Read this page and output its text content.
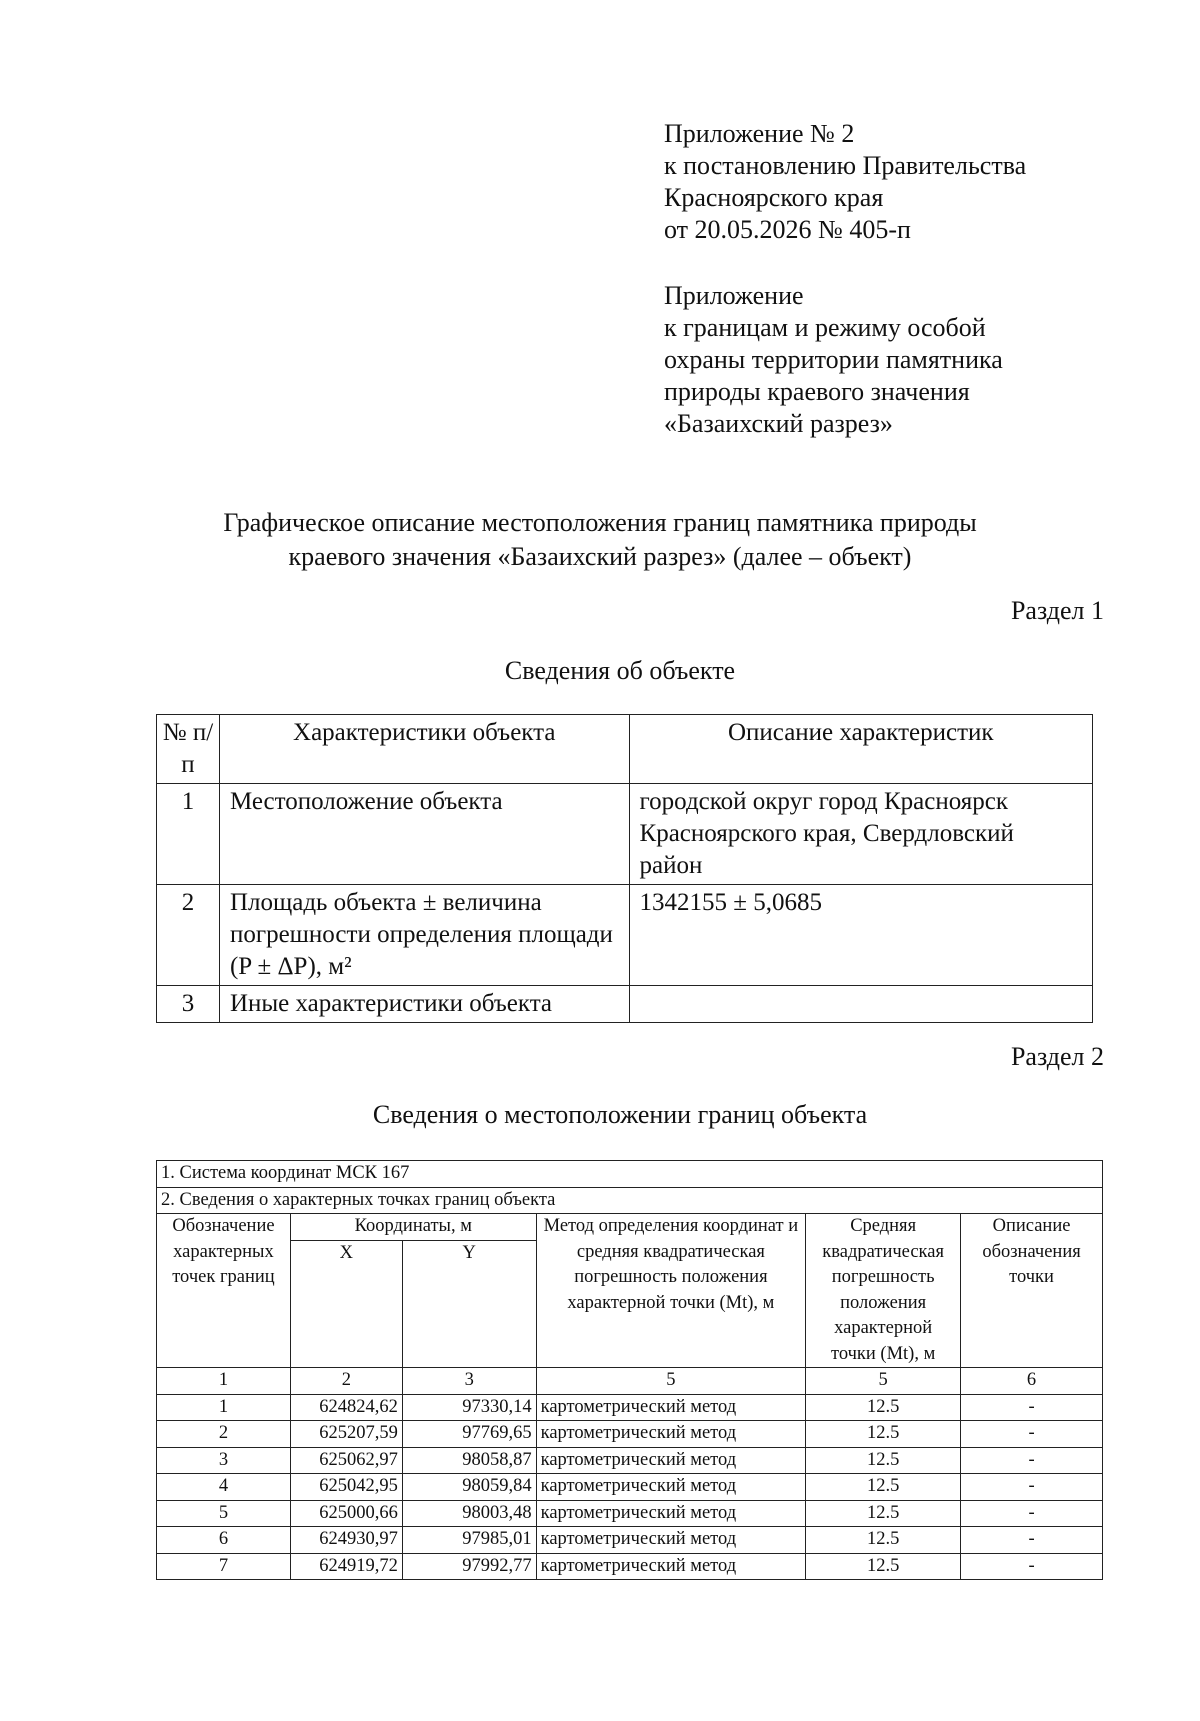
Приложение № 2
к постановлению Правительства
Красноярского края
от 20.05.2026 № 405-п
Приложение
к границам и режиму особой
охраны территории памятника
природы краевого значения
«Базаихский разрез»
Графическое описание местоположения границ памятника природы
краевого значения «Базаихский разрез» (далее – объект)
Раздел 1
Сведения об объекте
№ п/п	Характеристики объекта	Описание характеристик
1	Местоположение объекта	городской округ город Красноярск Красноярского края, Свердловский район
2	Площадь объекта ± величина погрешности определения площади (P ± ΔP), м²	1342155 ± 5,0685
3	Иные характеристики объекта	
Раздел 2
Сведения о местоположении границ объекта
1. Система координат МСК 167					
2. Сведения о характерных точках границ объекта					
Обозначение характерных точек границ	Координаты, м		Метод определения координат и средняя квадратическая погрешность положения характерной точки (Mt), м	Средняя квадратическая погрешность положения характерной точки (Mt), м	Описание обозначения точки
	X	Y			
1	2	3	5	5	6
1	624824,62	97330,14	картометрический метод	12.5	-
2	625207,59	97769,65	картометрический метод	12.5	-
3	625062,97	98058,87	картометрический метод	12.5	-
4	625042,95	98059,84	картометрический метод	12.5	-
5	625000,66	98003,48	картометрический метод	12.5	-
6	624930,97	97985,01	картометрический метод	12.5	-
7	624919,72	97992,77	картометрический метод	12.5	-
